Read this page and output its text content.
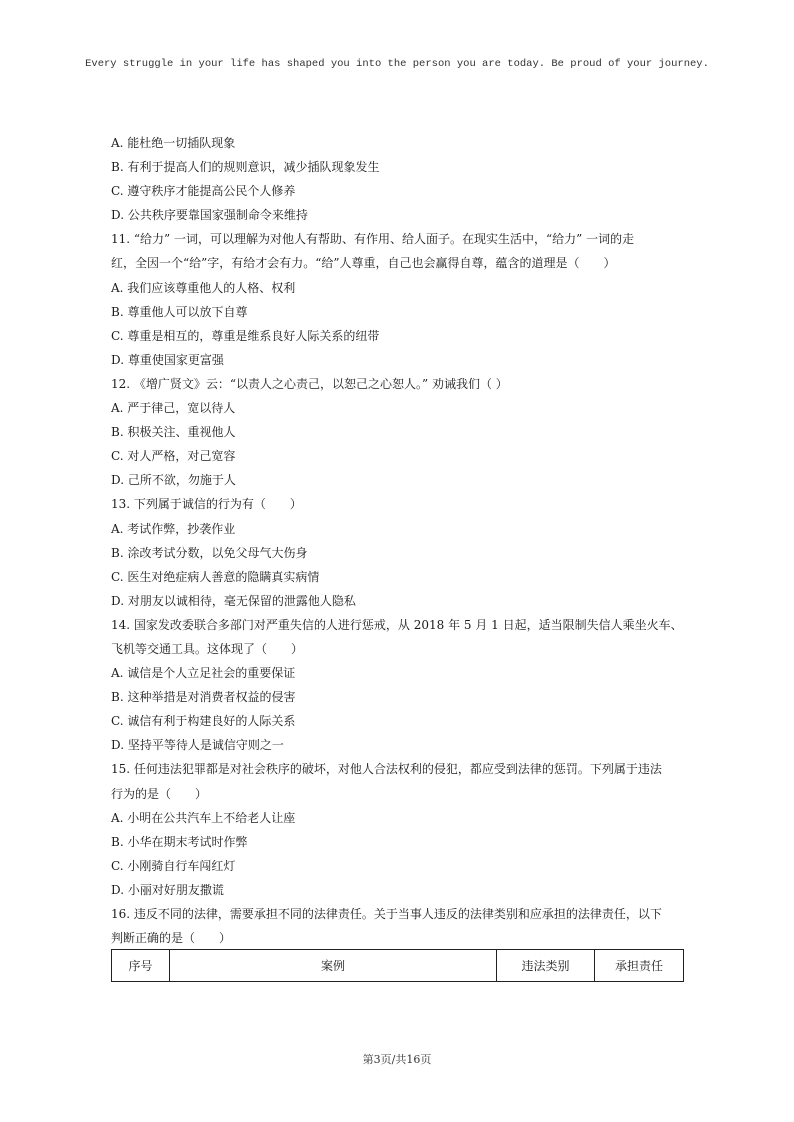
Every struggle in your life has shaped you into the person you are today. Be proud of your journey.
A. 能杜绝一切插队现象
B. 有利于提高人们的规则意识，减少插队现象发生
C. 遵守秩序才能提高公民个人修养
D. 公共秩序要靠国家强制命令来维持
11. “给力” 一词，可以理解为对他人有帮助、有作用、给人面子。在现实生活中，“给力” 一词的走
红，全因一个“给”字，有给才会有力。“给”人尊重，自己也会赢得自尊，蕴含的道理是（　　）
A. 我们应该尊重他人的人格、权利
B. 尊重他人可以放下自尊
C. 尊重是相互的，尊重是维系良好人际关系的纽带
D. 尊重使国家更富强
12. 《增广贤文》云：“以责人之心责己，以恕己之心恕人。” 劝诫我们（ ）
A. 严于律己，宽以待人
B. 积极关注、重视他人
C. 对人严格，对己宽容
D. 己所不欲，勿施于人
13. 下列属于诚信的行为有（　　）
A. 考试作弊，抄袭作业
B. 涂改考试分数，以免父母气大伤身
C. 医生对绝症病人善意的隐瞒真实病情
D. 对朋友以诚相待，毫无保留的泄露他人隐私
14. 国家发改委联合多部门对严重失信的人进行惩戒，从 2018 年 5 月 1 日起，适当限制失信人乘坐火车、
飞机等交通工具。这体现了（　　）
A. 诚信是个人立足社会的重要保证
B. 这种举措是对消费者权益的侵害
C. 诚信有利于构建良好的人际关系
D. 坚持平等待人是诚信守则之一
15. 任何违法犯罪都是对社会秩序的破坏，对他人合法权利的侵犯，都应受到法律的惩罚。下列属于违法
行为的是（　　）
A. 小明在公共汽车上不给老人让座
B. 小华在期末考试时作弊
C. 小刚骑自行车闯红灯
D. 小丽对好朋友撒谎
16. 违反不同的法律，需要承担不同的法律责任。关于当事人违反的法律类别和应承担的法律责任，以下
判断正确的是（　　）
序号	案例	违法类别	承担责任
第3页/共16页
